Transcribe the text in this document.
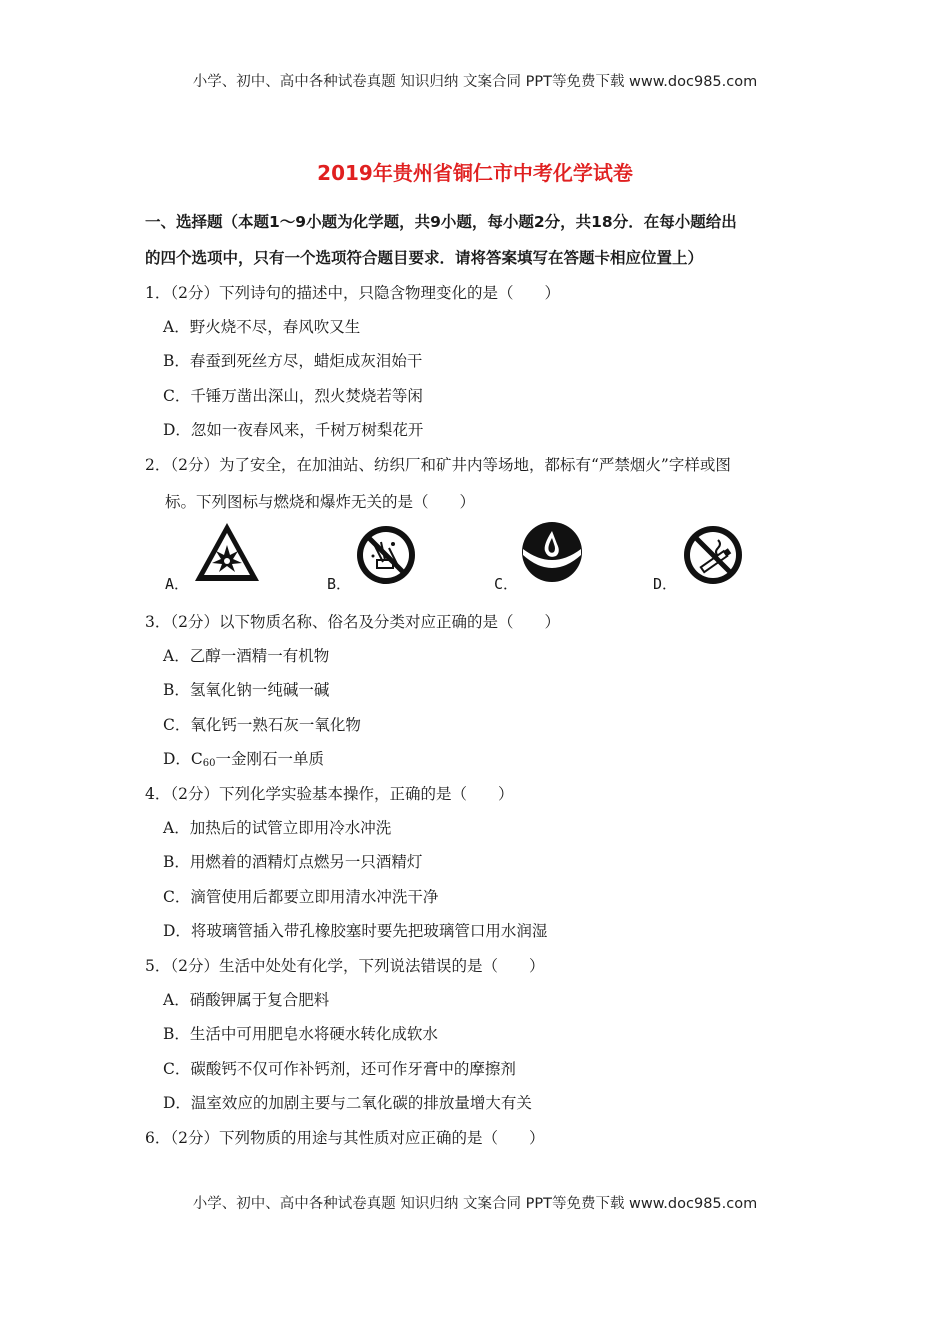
小学、初中、高中各种试卷真题 知识归纳 文案合同 PPT等免费下载 www.doc985.com
2019年贵州省铜仁市中考化学试卷
一、选择题（本题1～9小题为化学题，共9小题，每小题2分，共18分．在每小题给出
的四个选项中，只有一个选项符合题目要求．请将答案填写在答题卡相应位置上）
1．（2分）下列诗句的描述中，只隐含物理变化的是（　　）
A．野火烧不尽，春风吹又生
B．春蚕到死丝方尽，蜡炬成灰泪始干
C．千锤万凿出深山，烈火焚烧若等闲
D．忽如一夜春风来，千树万树梨花开
2．（2分）为了安全，在加油站、纺织厂和矿井内等场地，都标有“严禁烟火”字样或图
标。下列图标与燃烧和爆炸无关的是（　　）
A．	B．	C．	D．
3．（2分）以下物质名称、俗名及分类对应正确的是（　　）
A．乙醇一酒精一有机物
B．氢氧化钠一纯碱一碱
C．氧化钙一熟石灰一氧化物
D．$C_{60}$一金刚石一单质
4．（2分）下列化学实验基本操作，正确的是（　　）
A．加热后的试管立即用冷水冲洗
B．用燃着的酒精灯点燃另一只酒精灯
C．滴管使用后都要立即用清水冲洗干净
D．将玻璃管插入带孔橡胶塞时要先把玻璃管口用水润湿
5．（2分）生活中处处有化学，下列说法错误的是（　　）
A．硝酸钾属于复合肥料
B．生活中可用肥皂水将硬水转化成软水
C．碳酸钙不仅可作补钙剂，还可作牙膏中的摩擦剂
D．温室效应的加剧主要与二氧化碳的排放量增大有关
6．（2分）下列物质的用途与其性质对应正确的是（　　）
小学、初中、高中各种试卷真题 知识归纳 文案合同 PPT等免费下载 www.doc985.com
